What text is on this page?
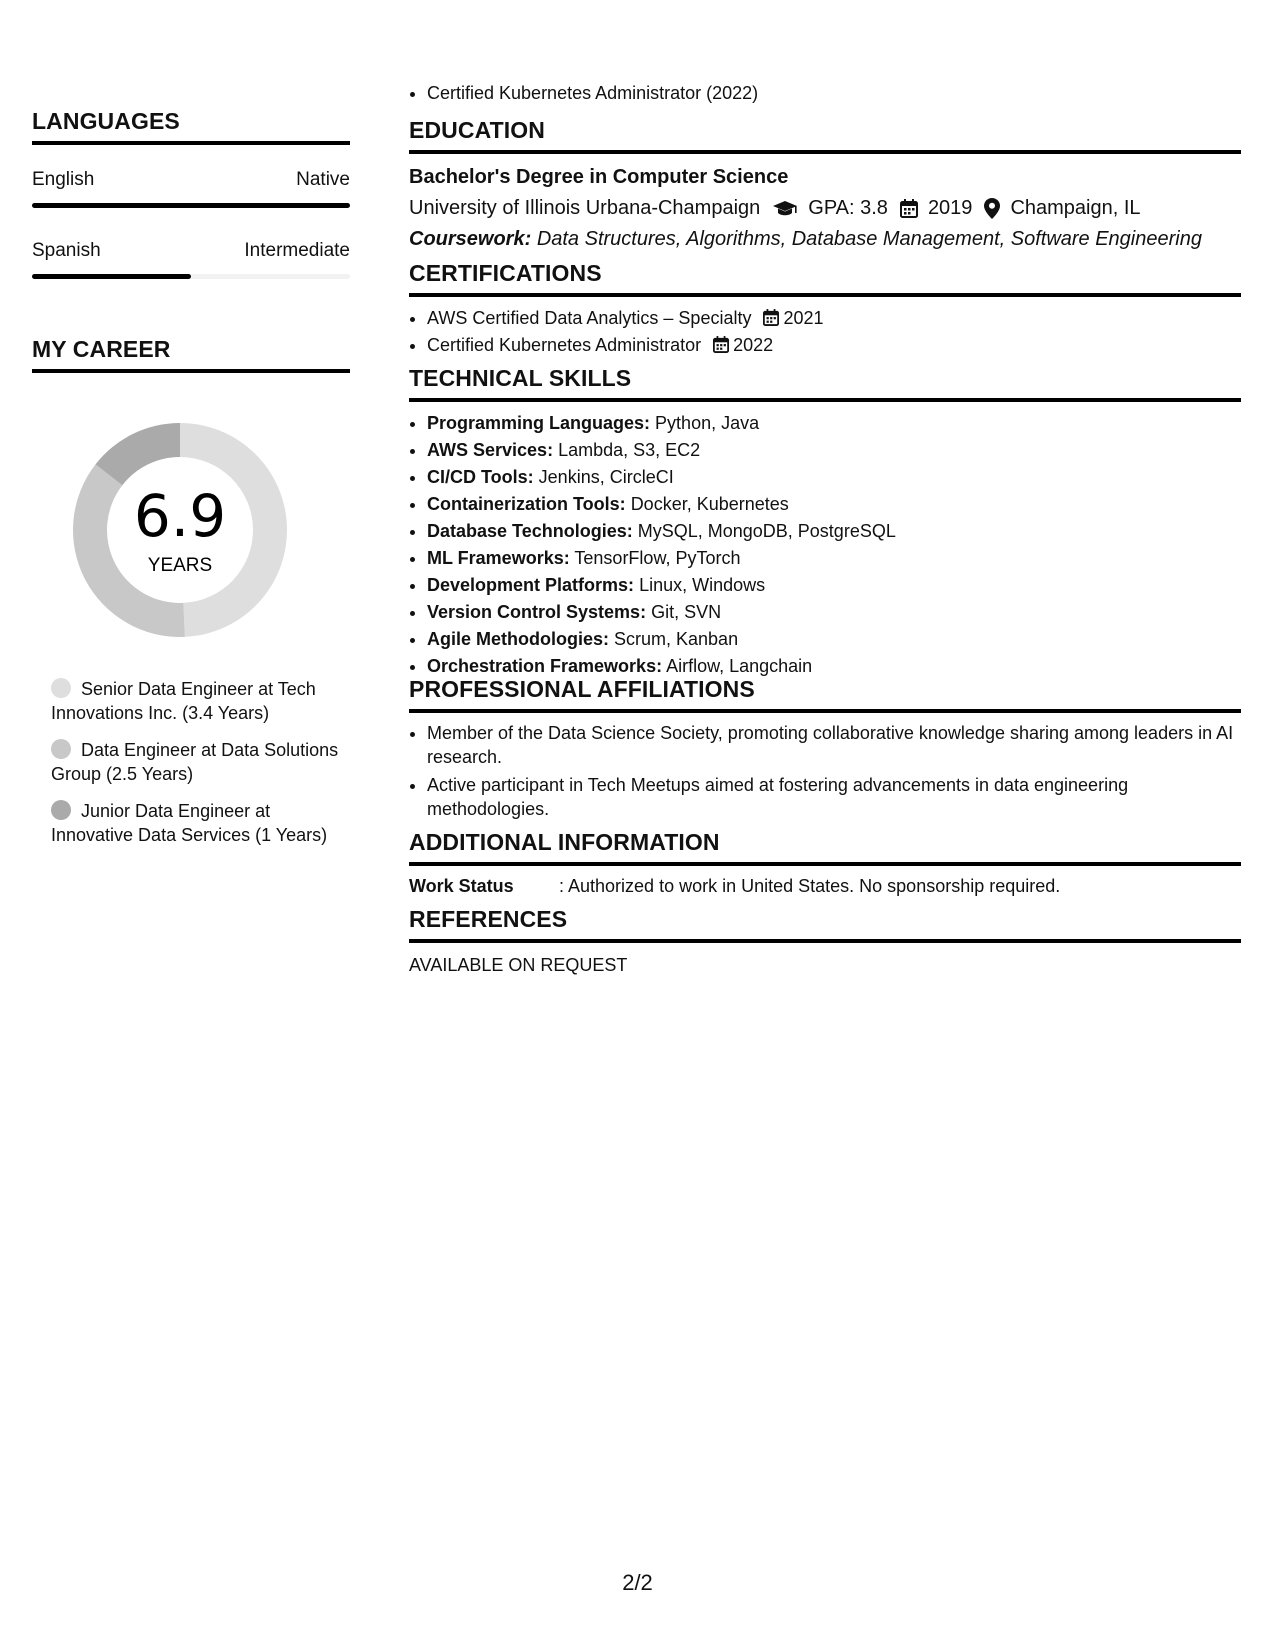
LANGUAGES
English	Native
Spanish	Intermediate
MY CAREER
6.9
YEARS
Senior Data Engineer at Tech Innovations Inc. (3.4 Years)
Data Engineer at Data Solutions Group (2.5 Years)
Junior Data Engineer at Innovative Data Services (1 Years)
• Certified Kubernetes Administrator (2022)
EDUCATION
Bachelor's Degree in Computer Science
University of Illinois Urbana-Champaign GPA: 3.8 2019 Champaign, IL
Coursework: Data Structures, Algorithms, Database Management, Software Engineering
CERTIFICATIONS
• AWS Certified Data Analytics – Specialty 2021
• Certified Kubernetes Administrator 2022
TECHNICAL SKILLS
• Programming Languages: Python, Java
• AWS Services: Lambda, S3, EC2
• CI/CD Tools: Jenkins, CircleCI
• Containerization Tools: Docker, Kubernetes
• Database Technologies: MySQL, MongoDB, PostgreSQL
• ML Frameworks: TensorFlow, PyTorch
• Development Platforms: Linux, Windows
• Version Control Systems: Git, SVN
• Agile Methodologies: Scrum, Kanban
• Orchestration Frameworks: Airflow, Langchain
PROFESSIONAL AFFILIATIONS
• Member of the Data Science Society, promoting collaborative knowledge sharing among leaders in AI research.
• Active participant in Tech Meetups aimed at fostering advancements in data engineering methodologies.
ADDITIONAL INFORMATION
Work Status	: Authorized to work in United States. No sponsorship required.
REFERENCES
AVAILABLE ON REQUEST
2/2
